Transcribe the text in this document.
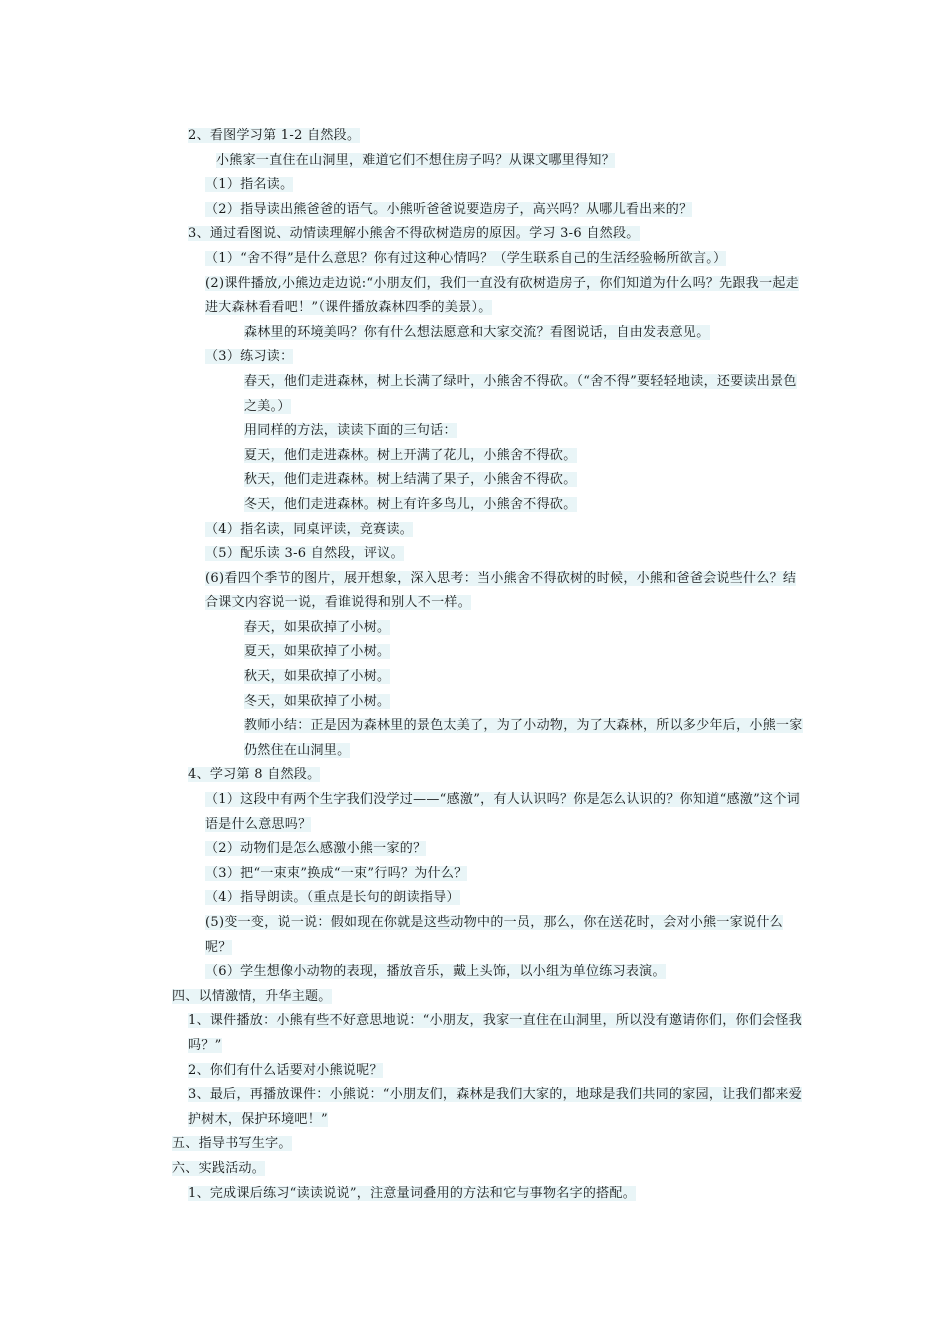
2、看图学习第 1-2 自然段。
小熊家一直住在山洞里，难道它们不想住房子吗？从课文哪里得知？
（1）指名读。
（2）指导读出熊爸爸的语气。小熊听爸爸说要造房子，高兴吗？从哪儿看出来的？
3、通过看图说、动情读理解小熊舍不得砍树造房的原因。学习 3-6 自然段。
（1）“舍不得”是什么意思？你有过这种心情吗？（学生联系自己的生活经验畅所欲言。）
(2)课件播放,小熊边走边说:“小朋友们，我们一直没有砍树造房子，你们知道为什么吗？先跟我一起走进大森林看看吧！”（课件播放森林四季的美景）。
森林里的环境美吗？你有什么想法愿意和大家交流？看图说话，自由发表意见。
（3）练习读：
春天，他们走进森林，树上长满了绿叶，小熊舍不得砍。（“舍不得”要轻轻地读，还要读出景色之美。）
用同样的方法，读读下面的三句话：
夏天，他们走进森林。树上开满了花儿，小熊舍不得砍。
秋天，他们走进森林。树上结满了果子，小熊舍不得砍。
冬天，他们走进森林。树上有许多鸟儿，小熊舍不得砍。
（4）指名读，同桌评读，竞赛读。
（5）配乐读 3-6 自然段，评议。
(6)看四个季节的图片，展开想象，深入思考：当小熊舍不得砍树的时候，小熊和爸爸会说些什么？结合课文内容说一说，看谁说得和别人不一样。
春天，如果砍掉了小树。
夏天，如果砍掉了小树。
秋天，如果砍掉了小树。
冬天，如果砍掉了小树。
教师小结：正是因为森林里的景色太美了，为了小动物，为了大森林，所以多少年后，小熊一家仍然住在山洞里。
4、学习第 8 自然段。
（1）这段中有两个生字我们没学过——“感激”，有人认识吗？你是怎么认识的？你知道“感激”这个词语是什么意思吗？
（2）动物们是怎么感激小熊一家的？
（3）把“一束束”换成“一束”行吗？为什么？
（4）指导朗读。（重点是长句的朗读指导）
(5)变一变，说一说：假如现在你就是这些动物中的一员，那么，你在送花时，会对小熊一家说什么呢？
（6）学生想像小动物的表现，播放音乐，戴上头饰，以小组为单位练习表演。
四、以情激情，升华主题。
1、课件播放：小熊有些不好意思地说：“小朋友，我家一直住在山洞里，所以没有邀请你们，你们会怪我吗？”
2、你们有什么话要对小熊说呢？
3、最后，再播放课件：小熊说：“小朋友们，森林是我们大家的，地球是我们共同的家园，让我们都来爱护树木，保护环境吧！”
五、指导书写生字。
六、实践活动。
1、完成课后练习“读读说说”，注意量词叠用的方法和它与事物名字的搭配。
